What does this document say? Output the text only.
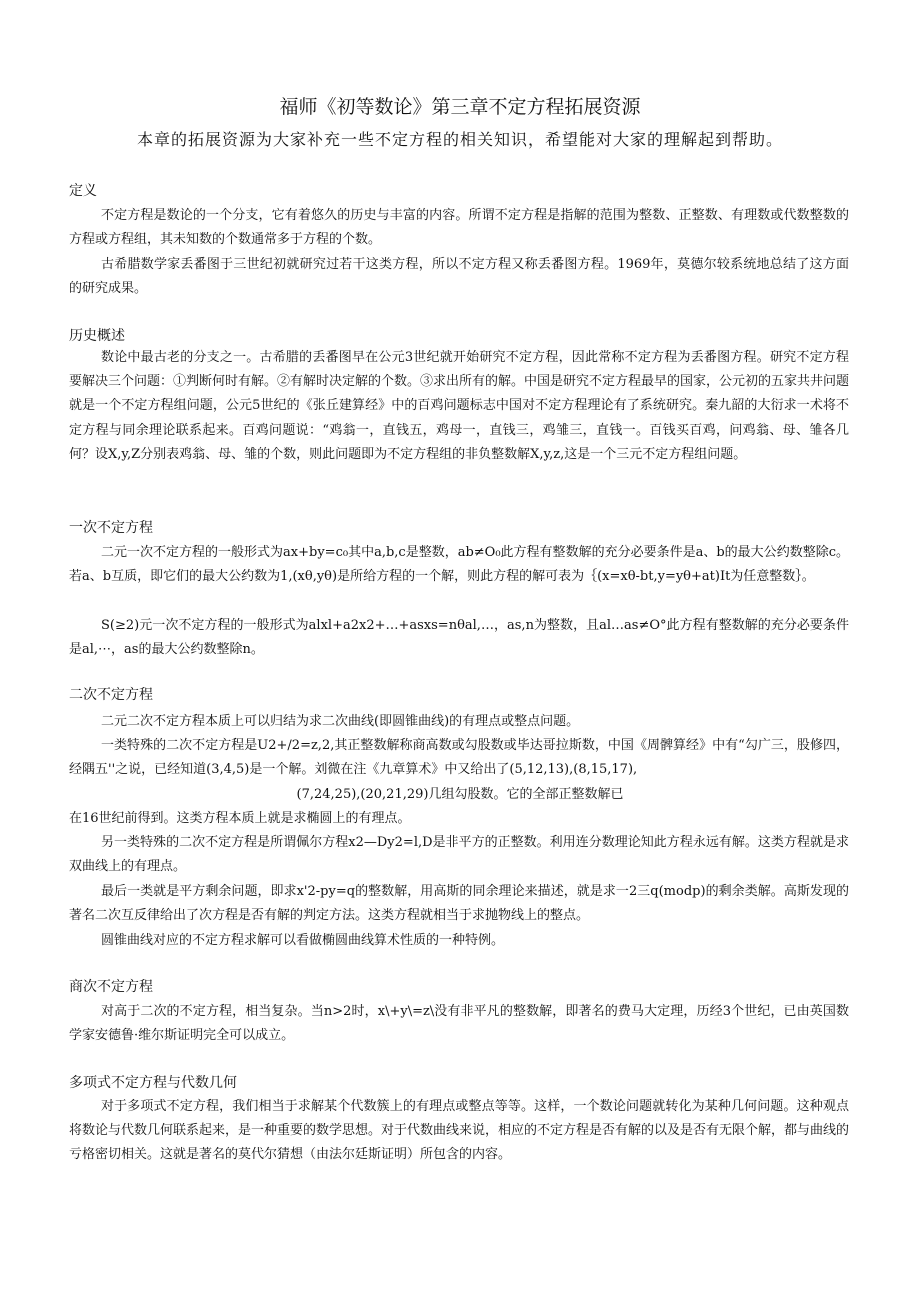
福师《初等数论》第三章不定方程拓展资源
本章的拓展资源为大家补充一些不定方程的相关知识，希望能对大家的理解起到帮助。
定义
不定方程是数论的一个分支，它有着悠久的历史与丰富的内容。所谓不定方程是指解的范围为整数、正整数、有理数或代数整数的方程或方程组，其未知数的个数通常多于方程的个数。
古希腊数学家丢番图于三世纪初就研究过若干这类方程，所以不定方程又称丢番图方程。1969年，莫德尔较系统地总结了这方面的研究成果。
历史概述
数论中最古老的分支之一。古希腊的丢番图早在公元3世纪就开始研究不定方程，因此常称不定方程为丢番图方程。研究不定方程要解决三个问题：①判断何时有解。②有解时决定解的个数。③求出所有的解。中国是研究不定方程最早的国家，公元初的五家共井问题就是一个不定方程组问题，公元5世纪的《张丘建算经》中的百鸡问题标志中国对不定方程理论有了系统研究。秦九韶的大衍求一术将不定方程与同余理论联系起来。百鸡问题说：“鸡翁一，直钱五，鸡母一，直钱三，鸡雏三，直钱一。百钱买百鸡，问鸡翁、母、雏各几何？设X,y,Z分别表鸡翁、母、雏的个数，则此问题即为不定方程组的非负整数解X,y,z,这是一个三元不定方程组问题。
一次不定方程
二元一次不定方程的一般形式为ax+by=c₀其中a,b,c是整数，ab≠O₀此方程有整数解的充分必要条件是a、b的最大公约数整除c。若a、b互质，即它们的最大公约数为1,(xθ,yθ)是所给方程的一个解，则此方程的解可表为｛(x=xθ-bt,y=yθ+at)It为任意整数｝。
S(≥2)元一次不定方程的一般形式为alxl+a2x2+…+asxs=nθal,…，as,n为整数，且al…as≠O°此方程有整数解的充分必要条件是al,⋯，as的最大公约数整除n。
二次不定方程
二元二次不定方程本质上可以归结为求二次曲线(即圆锥曲线)的有理点或整点问题。
一类特殊的二次不定方程是U2+∕2=z,2,其正整数解称商高数或勾股数或毕达哥拉斯数，中国《周髀算经》中有“勾广三，股修四，经隅五''之说，已经知道(3,4,5)是一个解。刘微在注《九章算术》中又给出了(5,12,13),(8,15,17),
(7,24,25),(20,21,29)几组勾股数。它的全部正整数解已
在16世纪前得到。这类方程本质上就是求椭圆上的有理点。
另一类特殊的二次不定方程是所谓佩尔方程x2—Dy2=l,D是非平方的正整数。利用连分数理论知此方程永远有解。这类方程就是求双曲线上的有理点。
最后一类就是平方剩余问题，即求x'2-py=q的整数解，用高斯的同余理论来描述，就是求一2三q(modp)的剩余类解。高斯发现的著名二次互反律给出了次方程是否有解的判定方法。这类方程就相当于求抛物线上的整点。
圆锥曲线对应的不定方程求解可以看做椭圆曲线算术性质的一种特例。
商次不定方程
对高于二次的不定方程，相当复杂。当n>2时，x\+y\=z\没有非平凡的整数解，即著名的费马大定理，历经3个世纪，已由英国数学家安德鲁·维尔斯证明完全可以成立。
多项式不定方程与代数几何
对于多项式不定方程，我们相当于求解某个代数簇上的有理点或整点等等。这样，一个数论问题就转化为某种几何问题。这种观点将数论与代数几何联系起来，是一种重要的数学思想。对于代数曲线来说，相应的不定方程是否有解的以及是否有无限个解，都与曲线的亏格密切相关。这就是著名的莫代尔猜想（由法尔廷斯证明）所包含的内容。
